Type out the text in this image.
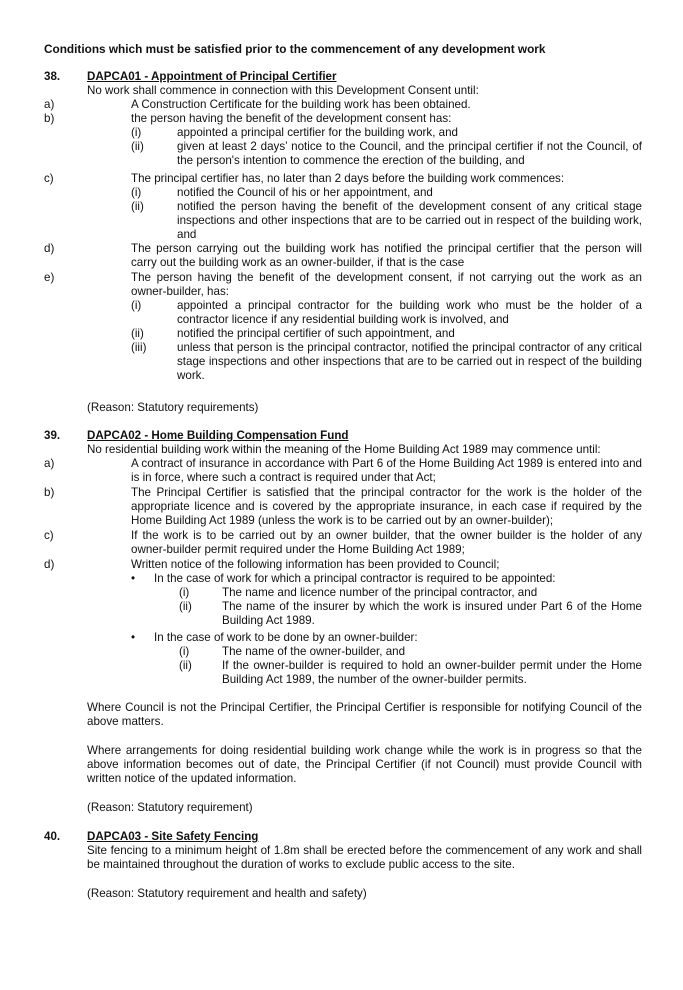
Conditions which must be satisfied prior to the commencement of any development work
38. DAPCA01 - Appointment of Principal Certifier
No work shall commence in connection with this Development Consent until:
a)	A Construction Certificate for the building work has been obtained.
b)	the person having the benefit of the development consent has:
(i)	appointed a principal certifier for the building work, and
(ii)	given at least 2 days’ notice to the Council, and the principal certifier if not the Council, of the person's intention to commence the erection of the building, and
c)	The principal certifier has, no later than 2 days before the building work commences:
(i)	notified the Council of his or her appointment, and
(ii)	notified the person having the benefit of the development consent of any critical stage inspections and other inspections that are to be carried out in respect of the building work, and
d)	The person carrying out the building work has notified the principal certifier that the person will carry out the building work as an owner-builder, if that is the case
e)	The person having the benefit of the development consent, if not carrying out the work as an owner-builder, has:
(i)	appointed a principal contractor for the building work who must be the holder of a contractor licence if any residential building work is involved, and
(ii)	notified the principal certifier of such appointment, and
(iii)	unless that person is the principal contractor, notified the principal contractor of any critical stage inspections and other inspections that are to be carried out in respect of the building work.
(Reason: Statutory requirements)
39. DAPCA02 - Home Building Compensation Fund
No residential building work within the meaning of the Home Building Act 1989 may commence until:
a)	A contract of insurance in accordance with Part 6 of the Home Building Act 1989 is entered into and is in force, where such a contract is required under that Act;
b)	The Principal Certifier is satisfied that the principal contractor for the work is the holder of the appropriate licence and is covered by the appropriate insurance, in each case if required by the Home Building Act 1989 (unless the work is to be carried out by an owner-builder);
c)	If the work is to be carried out by an owner builder, that the owner builder is the holder of any owner-builder permit required under the Home Building Act 1989;
d)	Written notice of the following information has been provided to Council;
• In the case of work for which a principal contractor is required to be appointed:
(i)	The name and licence number of the principal contractor, and
(ii)	The name of the insurer by which the work is insured under Part 6 of the Home Building Act 1989.
• In the case of work to be done by an owner-builder:
(i)	The name of the owner-builder, and
(ii)	If the owner-builder is required to hold an owner-builder permit under the Home Building Act 1989, the number of the owner-builder permits.
Where Council is not the Principal Certifier, the Principal Certifier is responsible for notifying Council of the above matters.
Where arrangements for doing residential building work change while the work is in progress so that the above information becomes out of date, the Principal Certifier (if not Council) must provide Council with written notice of the updated information.
(Reason: Statutory requirement)
40. DAPCA03 - Site Safety Fencing
Site fencing to a minimum height of 1.8m shall be erected before the commencement of any work and shall be maintained throughout the duration of works to exclude public access to the site.
(Reason: Statutory requirement and health and safety)
